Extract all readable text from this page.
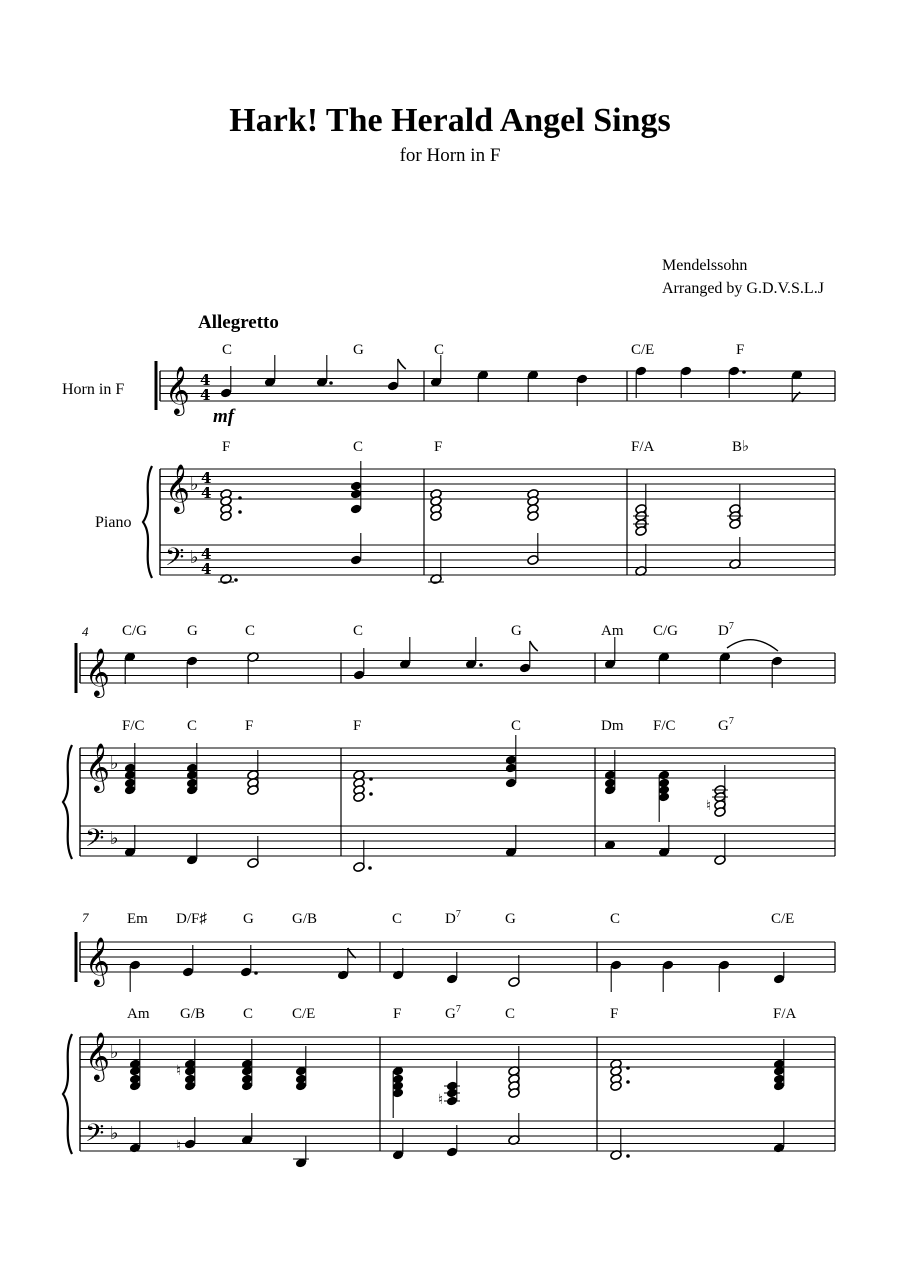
Hark! The Herald Angel Sings
for Horn in F
Mendelssohn
Arranged by G.D.V.S.L.J
Allegretto
Horn in F
Piano
mf
4
7
C	G	C	C/E	F
F	C	F	F/A	B♭
C/G	G	C	C	G	Am C/G	$D^7$
F/C	C	F	F	C	Dm F/C	$G^7$
Em D/F♯ G	G/B	C	$D^7$	G	C	C/E
Am G/B	C	C/E	F	$G^7$	C	F	F/A
𝄞
𝄞
𝄢
♭
♭
4
4
4
4
4
4
𝄞
𝄞
𝄢
♭
♭
♮
𝄞
𝄞
𝄢
♭
♭
♮
♮
♮
